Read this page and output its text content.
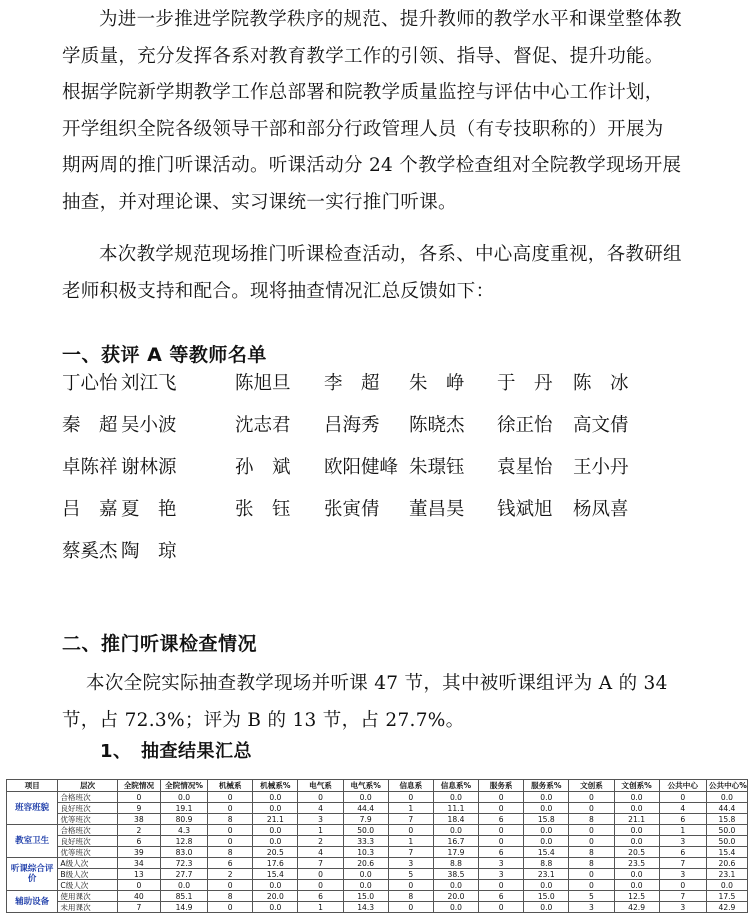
为进一步推进学院教学秩序的规范、提升教师的教学水平和课堂整体教学质量，充分发挥各系对教育教学工作的引领、指导、督促、提升功能。根据学院新学期教学工作总部署和院教学质量监控与评估中心工作计划，开学组织全院各级领导干部和部分行政管理人员（有专技职称的）开展为期两周的推门听课活动。听课活动分 24 个教学检查组对全院教学现场开展抽查，并对理论课、实习课统一实行推门听课。

本次教学规范现场推门听课检查活动，各系、中心高度重视，各教研组老师积极支持和配合。现将抽查情况汇总反馈如下：

一、获评 A 等教师名单
丁心怡 刘江飞	陈旭旦 李　超 朱　峥 于　丹 陈　冰
秦　超 吴小波	沈志君 吕海秀 陈晓杰 徐正怡 高文倩
卓陈祥 谢林源	孙　斌 欧阳健峰 朱璟钰 袁星怡 王小丹
吕　嘉 夏　艳	张　钰 张寅倩 董昌昊 钱斌旭 杨凤喜
蔡奚杰 陶　琼
二、推门听课检查情况

本次全院实际抽查教学现场并听课 47 节，其中被听课组评为 A 的 34 节，占 72.3%；评为 B 的 13 节，占 27.7%。

1、　抽查结果汇总
项目	层次	全院情况	全院情况%	机械系	机械系%	电气系	电气系%	信息系	信息系%	服务系	服务系%	文创系	文创系%	公共中心	公共中心%
班容班貌	合格班次	0	0.0	0	0.0	0	0.0	0	0.0	0	0.0	0	0.0	0	0.0
	良好班次	9	19.1	0	0.0	4	44.4	1	11.1	0	0.0	0	0.0	4	44.4
	优等班次	38	80.9	8	21.1	3	7.9	7	18.4	6	15.8	8	21.1	6	15.8
教室卫生	合格班次	2	4.3	0	0.0	1	50.0	0	0.0	0	0.0	0	0.0	1	50.0
	良好班次	6	12.8	0	0.0	2	33.3	1	16.7	0	0.0	0	0.0	3	50.0
	优等班次	39	83.0	8	20.5	4	10.3	7	17.9	6	15.4	8	20.5	6	15.4
听课综合评价	A级人次	34	72.3	6	17.6	7	20.6	3	8.8	3	8.8	8	23.5	7	20.6
	B级人次	13	27.7	2	15.4	0	0.0	5	38.5	3	23.1	0	0.0	3	23.1
	C级人次	0	0.0	0	0.0	0	0.0	0	0.0	0	0.0	0	0.0	0	0.0
辅助设备	使用课次	40	85.1	8	20.0	6	15.0	8	20.0	6	15.0	5	12.5	7	17.5
	未用课次	7	14.9	0	0.0	1	14.3	0	0.0	0	0.0	3	42.9	3	42.9
